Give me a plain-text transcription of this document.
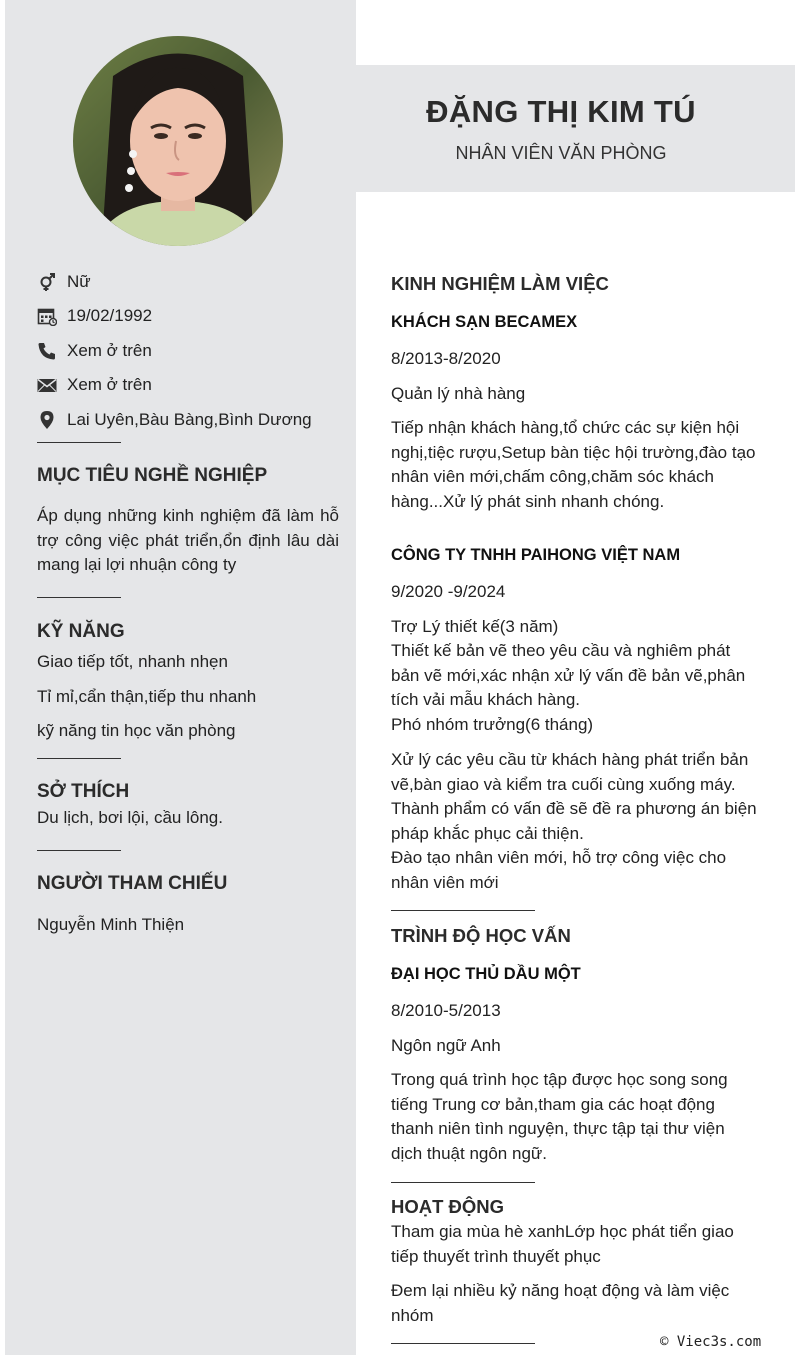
ĐẶNG THỊ KIM TÚ
NHÂN VIÊN VĂN PHÒNG
Nữ
19/02/1992
Xem ở trên
Xem ở trên
Lai Uyên,Bàu Bàng,Bình Dương
MỤC TIÊU NGHỀ NGHIỆP
Áp dụng những kinh nghiệm đã làm hỗ trợ công việc phát triển,ổn định lâu dài mang lại lợi nhuận công ty
KỸ NĂNG
Giao tiếp tốt, nhanh nhẹn
Tỉ mỉ,cẩn thận,tiếp thu nhanh
kỹ năng tin học văn phòng
SỞ THÍCH
Du lịch, bơi lội, cầu lông.
NGƯỜI THAM CHIẾU
Nguyễn Minh Thiện
KINH NGHIỆM LÀM VIỆC
KHÁCH SẠN BECAMEX
8/2013-8/2020
Quản lý nhà hàng
Tiếp nhận khách hàng,tổ chức các sự kiện hội nghị,tiệc rượu,Setup bàn tiệc hội trường,đào tạo nhân viên mới,chấm công,chăm sóc khách hàng...Xử lý phát sinh nhanh chóng.
CÔNG TY TNHH PAIHONG VIỆT NAM
9/2020 -9/2024
Trợ Lý thiết kế(3 năm)
Thiết kế bản vẽ theo yêu cầu và nghiêm phát bản vẽ mới,xác nhận xử lý vấn đề bản vẽ,phân tích vải mẫu khách hàng.
Phó nhóm trưởng(6 tháng)
Xử lý các yêu cầu từ khách hàng phát triển bản vẽ,bàn giao và kiểm tra cuối cùng xuống máy. Thành phẩm có vấn đề sẽ đề ra phương án biện pháp khắc phục cải thiện.
Đào tạo nhân viên mới, hỗ trợ công việc cho nhân viên mới
TRÌNH ĐỘ HỌC VẤN
ĐẠI HỌC THỦ DẦU MỘT
8/2010-5/2013
Ngôn ngữ Anh
Trong quá trình học tập được học song song tiếng Trung cơ bản,tham gia các hoạt động thanh niên tình nguyện, thực tập tại thư viện dịch thuật ngôn ngữ.
HOẠT ĐỘNG
Tham gia mùa hè xanhLớp học phát tiển giao tiếp thuyết trình thuyết phục
Đem lại nhiều kỷ năng hoạt động và làm việc nhóm
© Viec3s.com
